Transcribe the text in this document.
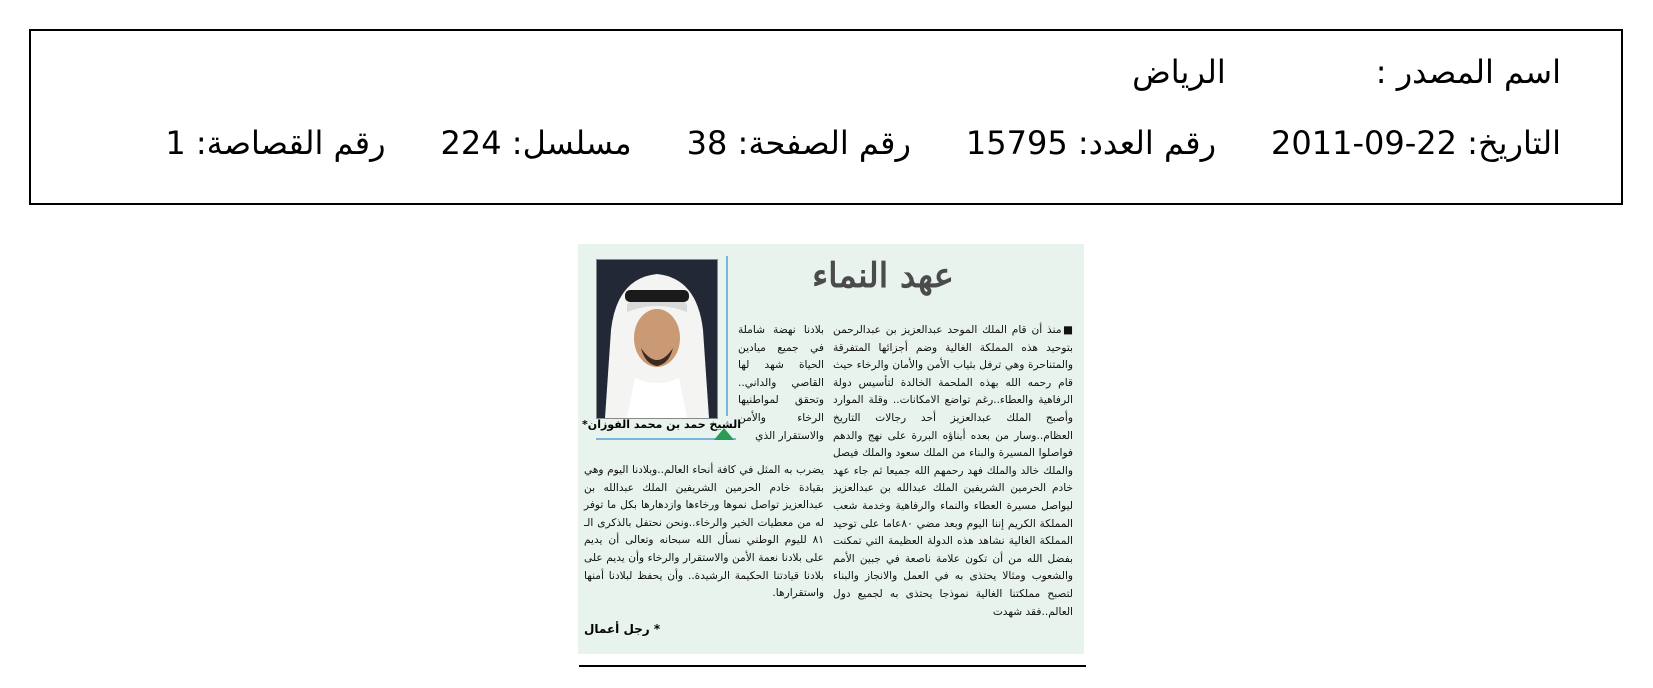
اسم المصدر :الرياض
التاريخ: 22-09-2011رقم العدد: 15795رقم الصفحة: 38مسلسل: 224رقم القصاصة: 1
عهد النماء
الشيخ حمد بن محمد الفوزان*
■منذ أن قام الملك الموحد عبدالعزيز بن عبدالرحمن بتوحيد هذه المملكة الغالية وضم أجزائها المتفرقة والمتناحرة وهي ترفل بثياب الأمن والأمان والرخاء حيث قام رحمه الله بهذه الملحمة الخالدة لتأسيس دولة الرفاهية والعطاء..رغم تواضع الامكانات.. وقلة الموارد وأصبح الملك عبدالعزيز أحد رجالات التاريخ العظام..وسار من بعده أبناؤه البررة على نهج والدهم فواصلوا المسيرة والبناء من الملك سعود والملك فيصل والملك خالد والملك فهد رحمهم الله جميعا ثم جاء عهد خادم الحرمين الشريفين الملك عبدالله بن عبدالعزيز ليواصل مسيرة العطاء والنماء والرفاهية وخدمة شعب المملكة الكريم إننا اليوم وبعد مضي ٨٠عاما على توحيد المملكة الغالية نشاهد هذه الدولة العظيمة التي تمكنت بفضل الله من أن تكون علامة ناصعة في جبين الأمم والشعوب ومثالا يحتذى به في العمل والانجاز والبناء لتصبح مملكتنا الغالية نموذجا يحتذى به لجميع دول العالم..فقد شهدت
بلادنا نهضة شاملة في جميع ميادين الحياة شهد لها القاصي والداني.. وتحقق لمواطنيها الرخاء والأمن والاستقرار الذي
يضرب به المثل في كافة أنحاء العالم..وبلادنا اليوم وهي بقيادة خادم الحرمين الشريفين الملك عبدالله بن عبدالعزيز تواصل نموها ورخاءها وازدهارها بكل ما توفر له من معطيات الخير والرخاء..ونحن نحتفل بالذكرى الـ ٨١ لليوم الوطني نسأل الله سبحانه وتعالى أن يديم على بلادنا نعمة الأمن والاستقرار والرخاء وأن يديم على بلادنا قيادتنا الحكيمة الرشيدة.. وأن يحفظ لبلادنا أمنها واستقرارها.
* رجل أعمال
